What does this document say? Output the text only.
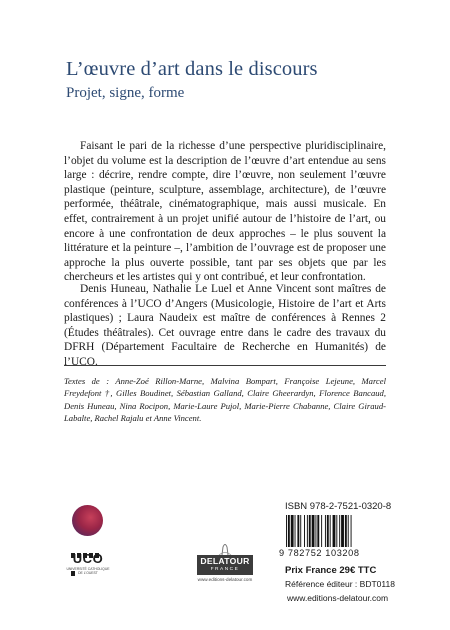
L’œuvre d’art dans le discours
Projet, signe, forme

Faisant le pari de la richesse d’une perspective pluridisciplinaire, l’objet du volume est la description de l’œuvre d’art entendue au sens large : décrire, rendre compte, dire l’œuvre, non seulement l’œuvre plastique (peinture, sculpture, assemblage, architecture), de l’œuvre performée, théâtrale, cinématographique, mais aussi musicale. En effet, contrairement à un projet unifié autour de l’histoire de l’art, ou encore à une confrontation de deux approches – le plus souvent la littérature et la peinture –, l’ambition de l’ouvrage est de proposer une approche la plus ouverte possible, tant par ses objets que par les chercheurs et les artistes qui y ont contribué, et leur confrontation.

Denis Huneau, Nathalie Le Luel et Anne Vincent sont maîtres de conférences à l’UCO d’Angers (Musicologie, Histoire de l’art et Arts plastiques) ; Laura Naudeix est maître de conférences à Rennes 2 (Études théâtrales). Cet ouvrage entre dans le cadre des travaux du DFRH (Département Facultaire de Recherche en Humanités) de l’UCO.

Textes de : Anne-Zoé Rillon-Marne, Malvina Bompart, Françoise Lejeune, Marcel Freydefont †, Gilles Boudinet, Sébastian Galland, Claire Gheerardyn, Florence Bancaud, Denis Huneau, Nina Rocipon, Marie-Laure Pujol, Marie-Pierre Chabanne, Claire Giraud-Labalte, Rachel Rajalu et Anne Vincent.

UCO
UNIVERSITÉ CATHOLIQUE DE L’OUEST
DELATOUR
FRANCE
www.editions-delatour.com
ISBN 978-2-7521-0320-8
9 782752 103208
Prix France 29€ TTC
Référence éditeur : BDT0118
www.editions-delatour.com
